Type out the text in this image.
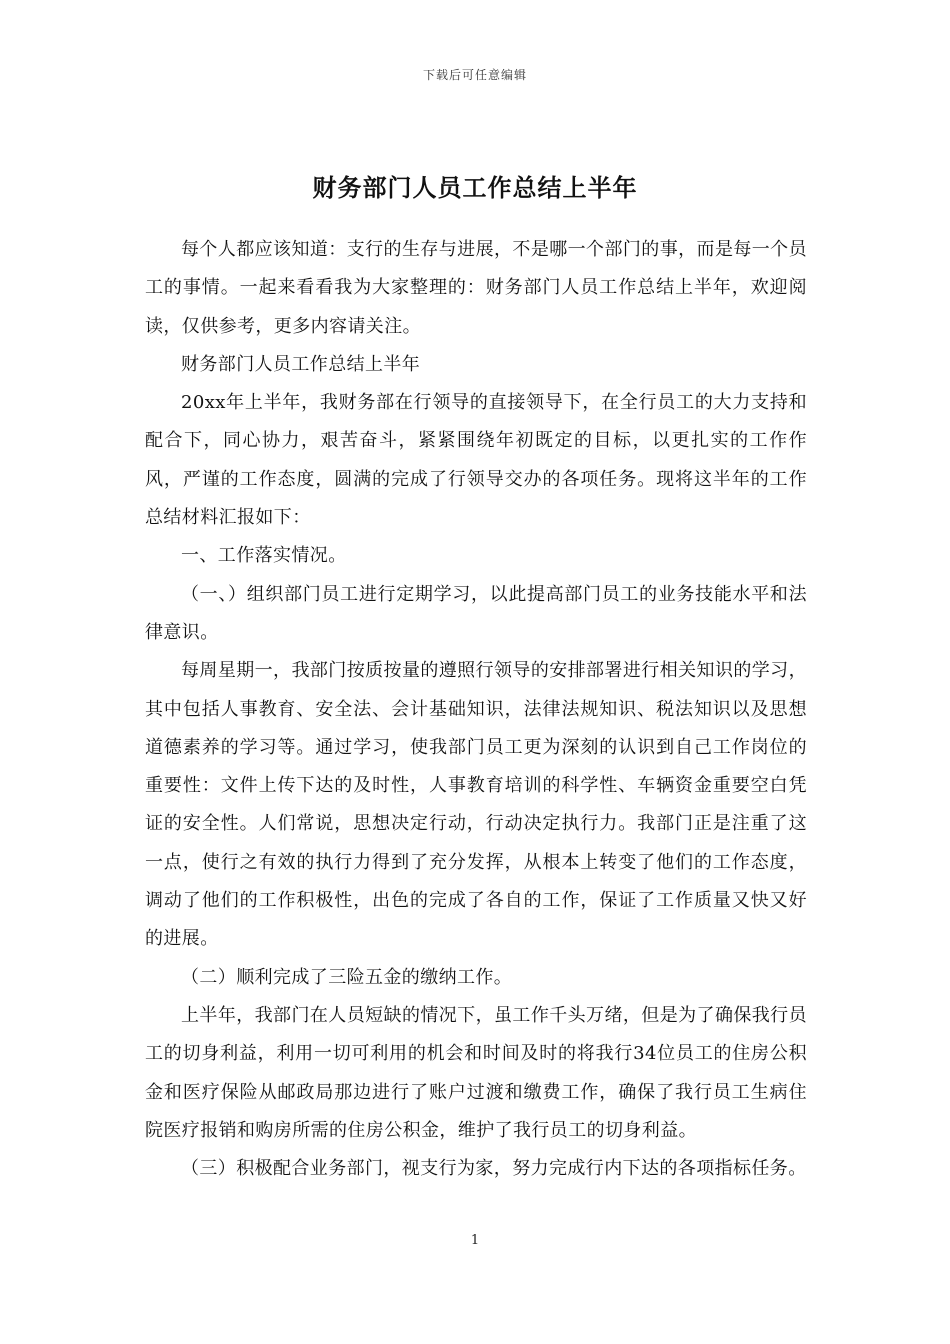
下载后可任意编辑
财务部门人员工作总结上半年

每个人都应该知道：支行的生存与进展，不是哪一个部门的事，而是每一个员工的事情。一起来看看我为大家整理的：财务部门人员工作总结上半年，欢迎阅读，仅供参考，更多内容请关注。

财务部门人员工作总结上半年

20xx年上半年，我财务部在行领导的直接领导下，在全行员工的大力支持和配合下，同心协力，艰苦奋斗，紧紧围绕年初既定的目标，以更扎实的工作作风，严谨的工作态度，圆满的完成了行领导交办的各项任务。现将这半年的工作总结材料汇报如下：

一、工作落实情况。

（一、）组织部门员工进行定期学习，以此提高部门员工的业务技能水平和法律意识。

每周星期一，我部门按质按量的遵照行领导的安排部署进行相关知识的学习，其中包括人事教育、安全法、会计基础知识，法律法规知识、税法知识以及思想道德素养的学习等。通过学习，使我部门员工更为深刻的认识到自己工作岗位的重要性：文件上传下达的及时性，人事教育培训的科学性、车辆资金重要空白凭证的安全性。人们常说，思想决定行动，行动决定执行力。我部门正是注重了这一点，使行之有效的执行力得到了充分发挥，从根本上转变了他们的工作态度，调动了他们的工作积极性，出色的完成了各自的工作，保证了工作质量又快又好的进展。

（二）顺利完成了三险五金的缴纳工作。

上半年，我部门在人员短缺的情况下，虽工作千头万绪，但是为了确保我行员工的切身利益，利用一切可利用的机会和时间及时的将我行34位员工的住房公积金和医疗保险从邮政局那边进行了账户过渡和缴费工作，确保了我行员工生病住院医疗报销和购房所需的住房公积金，维护了我行员工的切身利益。

（三）积极配合业务部门，视支行为家，努力完成行内下达的各项指标任务。

1
